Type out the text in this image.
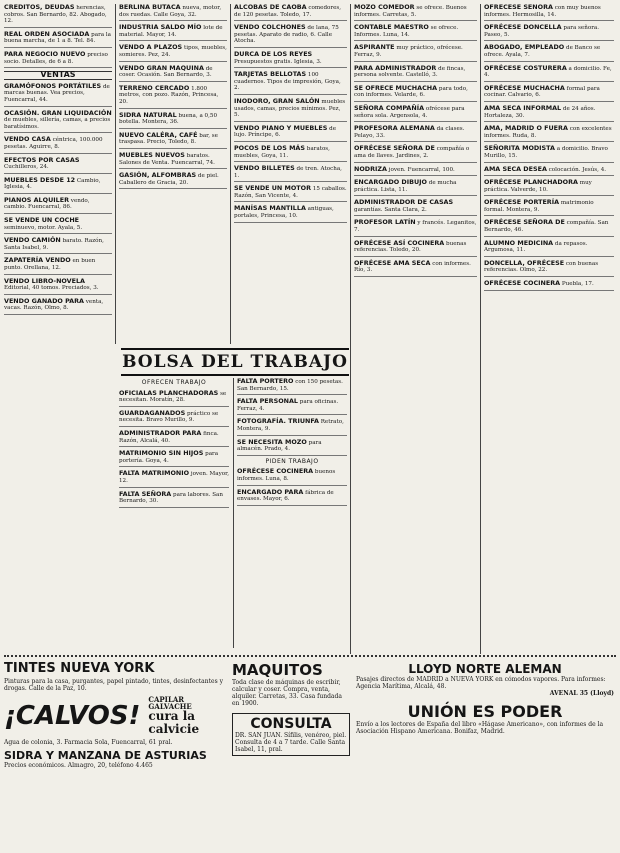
CREDITOS, DEUDAS herencias, cobros. San Bernardo, 82. Abogado, 12.
REAL ORDEN ASOCIADA para la buena marcha, de 1 a 8. Tel. 84.
PARA NEGOCIO NUEVO preciso socio. Detalles, de 6 a 8.
VENTAS
GRAMÓFONOS PORTÁTILES de marcas buenas. Vea precios, Fuencarral, 44.
OCASIÓN. GRAN LIQUIDACIÓN de muebles, sillería, camas, a precios baratísimos.
VENDO CASA céntrica, 100.000 pesetas. Aguirre, 8.
EFECTOS POR CASAS Cuchilleros, 24.
MUEBLES DESDE 12 Cambio, Iglesia, 4.
PIANOS ALQUILER vendo, cambio. Fuencarral, 86.
SE VENDE UN COCHE seminuevo, motor. Ayala, 5.
VENDO CAMIÓN barato. Razón, Santa Isabel, 9.
ZAPATERÍA VENDO en buen punto. Orellana, 12.
VENDO LIBRO-NOVELA Editorial, 40 tomos. Preciados, 3.
VENDO GANADO PARA venta, vacas. Razón, Olmo, 8.
BERLINA BUTACA nueva, motor, dos ruedas. Calle Goya, 32.
INDUSTRIA SALDO MÍO lote de material. Mayor, 14.
VENDO A PLAZOS tipos, muebles, somieres. Pez, 24.
VENDO GRAN MAQUINA de coser. Ocasión. San Bernardo, 3.
TERRENO CERCADO 1.800 metros, con pozo. Razón, Princesa, 20.
SIDRA NATURAL buena, a 0,50 botella. Montera, 36.
NUEVO CALÉRA, CAFÉ bar, se traspasa. Precio, Toledo, 8.
MUEBLES NUEVOS baratos. Salones de Venta. Fuencarral, 74.
GASIÓN, ALFOMBRAS de piel. Caballero de Gracia, 20.
ALCOBAS DE CAOBA comedores, de 120 pesetas. Toledo, 17.
VENDO COLCHONES de lana, 75 pesetas. Aparato de radio, 6. Calle Atocha.
DURCA DE LOS REYES Presupuestos gratis. Iglesia, 3.
TARJETAS BELLOTAS 100 cuadernos. Tipos de impresión, Goya, 2.
INODORO, GRAN SALÓN muebles usados, camas, precios mínimos. Pez, 5.
VENDO PIANO Y MUEBLES de lujo. Príncipe, 6.
POCOS DE LOS MÁS baratos, muebles, Goya, 11.
VENDO BILLETES de tren. Atocha, 1.
SE VENDE UN MOTOR 15 caballos. Razón, San Vicente, 4.
MANÍSAS MANTILLA antiguas, portales, Princesa, 10.
MOZO COMEDOR se ofrece. Buenos informes. Carretas, 5.
CONTABLE MAESTRO se ofrece. Informes. Luna, 14.
ASPIRANTE muy práctico, ofrécese. Ferraz, 9.
PARA ADMINISTRADOR de fincas, persona solvente. Castelló, 3.
SE OFRECE MUCHACHA para todo, con informes. Velarde, 6.
SEÑORA COMPAÑÍA ofrécese para señora sola. Argensola, 4.
PROFESORA ALEMANA da clases. Pelayo, 33.
OFRÉCESE SEÑORA DE compañía o ama de llaves. Jardines, 2.
NODRIZA joven. Fuencarral, 100.
ENCARGADO DIBUJO de mucha práctica. Lista, 11.
ADMINISTRADOR DE CASAS garantías. Santa Clara, 2.
PROFESOR LATÍN y francés. Leganitos, 7.
OFRÉCESE ASÍ COCINERA buenas referencias. Toledo, 20.
OFRÉCESE AMA SECA con informes. Río, 3.
OFRÉCESE SEÑORA con muy buenos informes. Hermosilla, 14.
OFRÉCESE DONCELLA para señora. Paseo, 5.
ABOGADO, EMPLEADO de Banco se ofrece. Ayala, 7.
OFRÉCESE COSTURERA a domicilio. Fe, 4.
OFRÉCESE MUCHACHA formal para cocinar. Calvario, 6.
AMA SECA INFORMAL de 24 años. Hortaleza, 30.
AMA, MADRID O FUERA con excelentes informes. Ruda, 8.
SEÑORITA MODISTA a domicilio. Bravo Murillo, 15.
AMA SECA DESEA colocación. Jesús, 4.
OFRÉCESE PLANCHADORA muy práctica. Valverde, 10.
OFRÉCESE PORTERÍA matrimonio formal. Montera, 9.
OFRÉCESE SEÑORA DE compañía. San Bernardo, 46.
ALUMNO MEDICINA da repasos. Argumosa, 11.
DONCELLA, OFRÉCESE con buenas referencias. Olmo, 22.
OFRÉCESE COCINERA Puebla, 17.
BOLSA DEL TRABAJO
OFRECEN TRABAJO
OFICIALAS PLANCHADORAS se necesitan. Moratín, 28.
GUARDAGANADOS práctico se necesita. Bravo Murillo, 9.
ADMINISTRADOR PARA finca. Razón, Alcalá, 40.
MATRIMONIO SIN HIJOS para portería. Goya, 4.
FALTA MATRIMONIO joven. Mayor, 12.
FALTA SEÑORA para labores. San Bernardo, 30.
FALTA PORTERO con 150 pesetas. San Bernardo, 15.
FALTA PERSONAL para oficinas. Ferraz, 4.
FOTOGRAFÍA. TRIUNFA Retrato, Montera, 9.
SE NECESITA MOZO para almacén. Prado, 4.
PIDEN TRABAJO
OFRÉCESE COCINERA buenos informes. Luna, 8.
ENCARGADO PARA fábrica de envases. Mayor, 6.
TINTES NUEVA YORK
Pinturas para la casa, purgantes, papel pintado, tintes, desinfectantes y drogas. Calle de la Paz, 10.
¡CALVOS!
CAPILAR GALVACHE
cura la calvicie
Agua de colonia, 3. Farmacia Sola, Fuencarral, 61 pral.
SIDRA Y MANZANA DE ASTURIAS
Precios económicos. Almagro, 20, teléfono 4.465
MAQUITOS
Toda clase de máquinas de escribir, calcular y coser. Compra, venta, alquiler. Carretas, 33. Casa fundada en 1900.
CONSULTA
DR. SAN JUAN. Sífilis, venéreo, piel. Consulta de 4 a 7 tarde. Calle Santa Isabel, 11, pral.
LLOYD NORTE ALEMAN
Pasajes directos de MADRID a NUEVA YORK en cómodos vapores. Para informes: Agencia Marítima, Alcalá, 48.
AVENAL 35 (Lloyd)
UNIÓN ES PODER
Envío a los lectores de España del libro «Hágase Americano», con informes de la Asociación Hispano Americana. Bonifaz, Madrid.
